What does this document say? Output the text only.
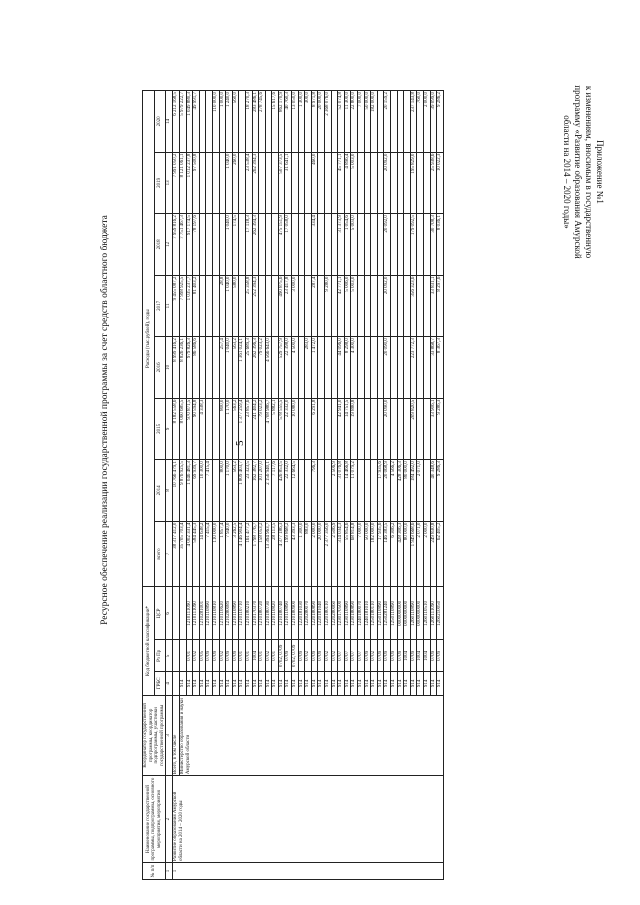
5
Приложение №1
к изменениям, вносимым в государственную
программу «Развитие образования Амурской
области на 2014 – 2020 годы»
Ресурсное обеспечение реализации государственной программы за счет средств областного бюджета
№ п/п	Наименование государственной программы, подпрограммы, основного мероприятия, мероприятия	Координатор государственной программы, координатор подпрограммы, участники государственной программы	Код бюджетной классификации*			Расходы (тыс.рублей), годы							
			ГРБС	Рз Пр	ЦСР	всего	2014	2015	2016	2017	2018	2019	2020
1	2	3	4	5	6	7	8	9	10	11	12	13	14
1	Развитие образования Амурской области на 2014 – 2020 годы	Всего, в том числе				38 317 412,0	10 766 479,1	8 182 558,6	8 999 416,2	9 455 087,2	7 959 816,2	7 991 050,2	6 212 168,5
		Министерство образования и науки Амурской области	914			35 705 703,4	9 876 925,5	8 060 685,5	8 826 236,1	7 998 925,5	7 751 467,3	8 121 061,1	5 979 222,7
			914	0701	1210111090	4 002 331,4	1 046 481,3	970 871,5	979 826,3	1 035 237,7	917 174,5	1 012 237,8	1 049 880,3
			914	0702	1210111090	584 445,3	69 939,7	90 594,8	86 586,6	81 403,2	78 197,6	97 500,8	49 991,7
			914	0705	1210281001	14 638,2	10 300,0	4 338,3					
			914	0709	1210110890	7 415,4	7 415,4						
			914	0709	1210110810	110 000,0							110 000,0
			914	0702	1210110620	1 857,4	800,0	800,0	257,4	28,8			1 000,0
			914	0709	1210280089	7 940,0	1 170,0	1 170,0	1 040,0	1 040,0	1 040,0	1 040,0	1 240,0
			914	0709	1210110890	3 262,5	563,2	563,2	563,2	580,0	174,5	260,0	560,0
			914	0701	1210110710	4 146 904,4	1 809 403,7	1 377 259,4	1 361 024,1				
			914	0701	1210180210	161 477,2	23 323,5	23 857,6	25 689,3	25 358,8	17 118,3	23 538,4	18 270,3
			914	1004	1210170370	1 798 776,7	162 382,7	241 404,2	262 396,3	252 394,3	262 394,3	262 394,3	283 486,1
			914	0701	1210180720	158 053,2	101 207,0	79 023,2	79 023,2				278 745,6
			914	0702	1210180730	13 394 963,7	2 156 940,1	4 708 986,7	4 566 643,0				
			914	0701	1210110820	28 113,5	7 117,6	5 882,1					15 617,6
			914	0702, 0709	1210180740	4 377 186,3	426 853,5	578 555,5	529 757,9	490 875,6	475 151,9	507 373,5	862 170,9
			914	0709	1210110890	199 868,2	22 332,0	22 332,0	22 398,0	23 417,8	17 058,0	31 641,1	40 760,3
			914	0702, 0709	1210180900	43 393,3	12 664,5	10 080,0	4 500,0	3 000,0			13 050,0
			914	0709	1220181030	1 300,0							1 300,0
			914	0702	1220280070	883,0			283,0				300,0
			914	0709	1220180890	2 000,0	796,3	6 291,8	1 472,0	287,4	334,4	460,0	8 971,8
			914	0709	1220181040	20 000,0							20 000,0
			914	0702	1220180110	2 377 356,0				9 280,0			2 368 076,0
			914	0702	1220280060	2 506,9	2 506,9						
			914	0707	1230170500	314 034,3	31 076,8	42 941,0	44 096,0	42 771,1	31 373,9	45 771,1	52 074,8
			914	0707	1230110890	55 854,6	14 466,8	14 751,5	8 298,0	5 006,0	1 054,6	4 896,4	11 300,0
			914	0707	1230180890	68 814,8	11 079,2	19 880,8	4 300,0	5 003,0	5 003,0	5 003,0	22 800,0
			914	0707	1240180070	7 000,0							7 000,0
			914	0709	1240181010	50 000,0							50 000,0
			914	0702	1250180110	182 000,0							182 000,0
			914	0709	1250110890	17 935,6	17 935,6						
			914	0709	1250281240	146 383,5	20 068,9	20 090,0	20 090,0	20 092,0	20 092,0	20 092,0	20 159,2
			914	0709	1250110890	6 306,2	4 566,2						
			914	0709	0000000000	428 306,3	428 306,3						
			914	1004	0000000000	80 000,0	80 000,0						
			914	0709	1260110890	1 949 668,6	184 492,0	209 820,5	223 772,3	356 323,6	179 092,5	195 829,0	237 143,8
			914	1004	0000000000	2 071,0	2 071,0						760,0
			914	1004	1260110510	2 000,0							2 000,0
			914	0709	1260111090	249 830,8	40 348,6	33 906,1	33 868,7	33 831,1	30 708,3	25 938,6	39 099,0
			914	0709	1260210050	62 405,2	9 286,3	9 286,3	8 367,3	8 297,6	8 036,1	10 022,3	9 286,2
